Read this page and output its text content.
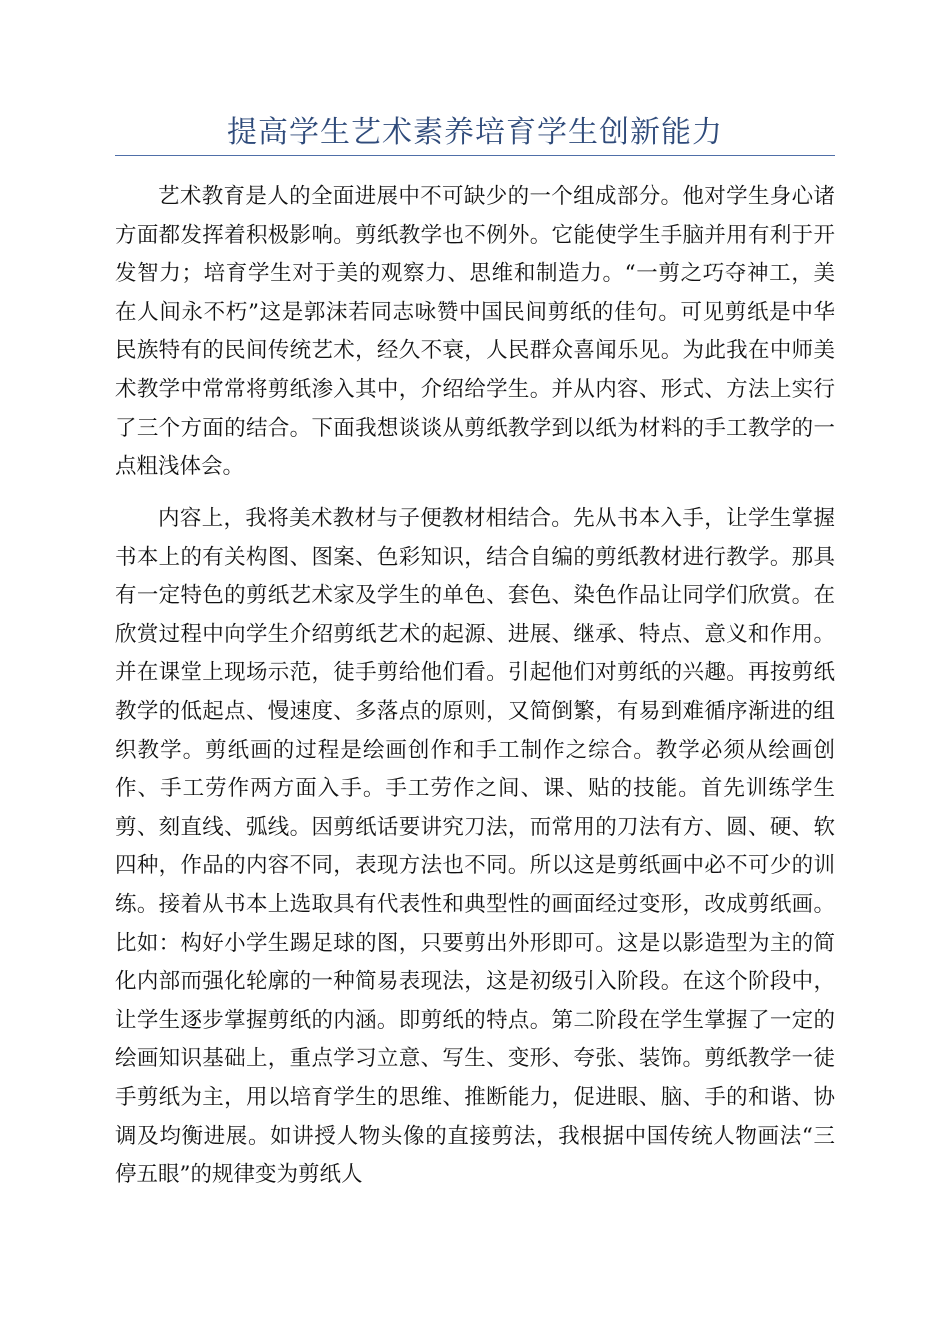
提高学生艺术素养培育学生创新能力

艺术教育是人的全面进展中不可缺少的一个组成部分。他对学生身心诸方面都发挥着积极影响。剪纸教学也不例外。它能使学生手脑并用有利于开发智力；培育学生对于美的观察力、思维和制造力。“一剪之巧夺神工，美在人间永不朽”这是郭沫若同志咏赞中国民间剪纸的佳句。可见剪纸是中华民族特有的民间传统艺术，经久不衰，人民群众喜闻乐见。为此我在中师美术教学中常常将剪纸渗入其中，介绍给学生。并从内容、形式、方法上实行了三个方面的结合。下面我想谈谈从剪纸教学到以纸为材料的手工教学的一点粗浅体会。

内容上，我将美术教材与子便教材相结合。先从书本入手，让学生掌握书本上的有关构图、图案、色彩知识，结合自编的剪纸教材进行教学。那具有一定特色的剪纸艺术家及学生的单色、套色、染色作品让同学们欣赏。在欣赏过程中向学生介绍剪纸艺术的起源、进展、继承、特点、意义和作用。并在课堂上现场示范，徒手剪给他们看。引起他们对剪纸的兴趣。再按剪纸教学的低起点、慢速度、多落点的原则，又简倒繁，有易到难循序渐进的组织教学。剪纸画的过程是绘画创作和手工制作之综合。教学必须从绘画创作、手工劳作两方面入手。手工劳作之间、课、贴的技能。首先训练学生剪、刻直线、弧线。因剪纸话要讲究刀法，而常用的刀法有方、圆、硬、软四种，作品的内容不同，表现方法也不同。所以这是剪纸画中必不可少的训练。接着从书本上选取具有代表性和典型性的画面经过变形，改成剪纸画。比如：构好小学生踢足球的图，只要剪出外形即可。这是以影造型为主的简化内部而强化轮廓的一种简易表现法，这是初级引入阶段。在这个阶段中，让学生逐步掌握剪纸的内涵。即剪纸的特点。第二阶段在学生掌握了一定的绘画知识基础上，重点学习立意、写生、变形、夸张、装饰。剪纸教学一徒手剪纸为主，用以培育学生的思维、推断能力，促进眼、脑、手的和谐、协调及均衡进展。如讲授人物头像的直接剪法，我根据中国传统人物画法“三停五眼”的规律变为剪纸人
